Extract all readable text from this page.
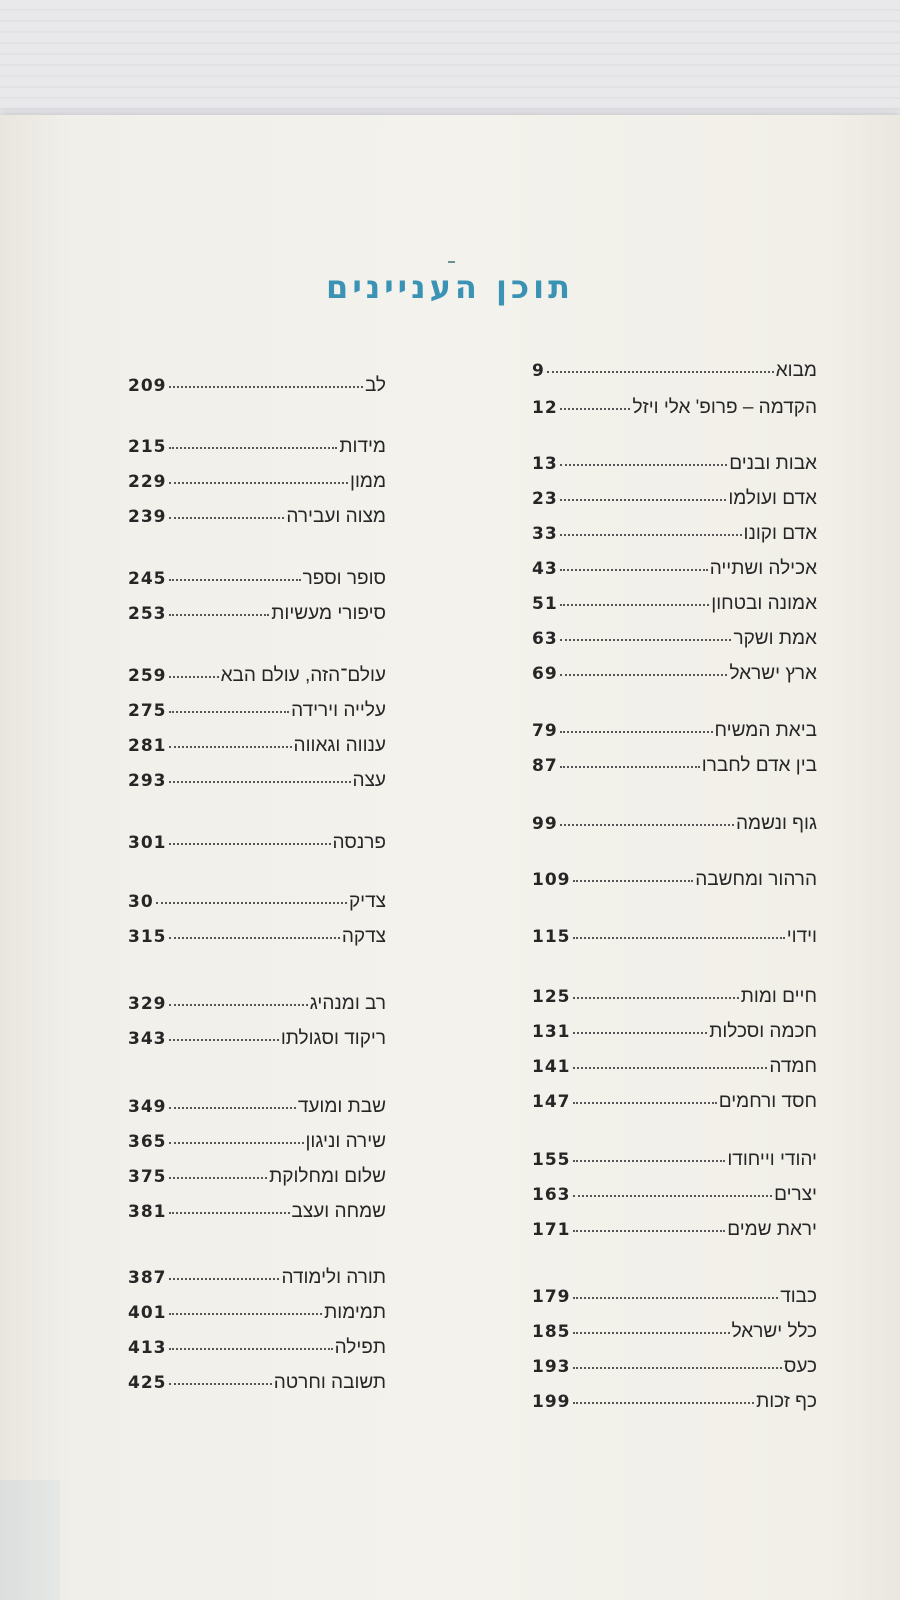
תוכן העניינים
מבוא
9
הקדמה – פרופ' אלי ויזל
12
אבות ובנים
13
אדם ועולמו
23
אדם וקונו
33
אכילה ושתייה
43
אמונה ובטחון
51
אמת ושקר
63
ארץ ישראל
69
ביאת המשיח
79
בין אדם לחברו
87
גוף ונשמה
99
הרהור ומחשבה
109
וידוי
115
חיים ומות
125
חכמה וסכלות
131
חמדה
141
חסד ורחמים
147
יהודי וייחודו
155
יצרים
163
יראת שמים
171
כבוד
179
כלל ישראל
185
כעס
193
כף זכות
199
לב
209
מידות
215
ממון
229
מצוה ועבירה
239
סופר וספר
245
סיפורי מעשיות
253
עולם־הזה, עולם הבא
259
עלייה וירידה
275
ענווה וגאווה
281
עצה
293
פרנסה
301
צדיק
30
צדקה
315
רב ומנהיג
329
ריקוד וסגולתו
343
שבת ומועד
349
שירה וניגון
365
שלום ומחלוקת
375
שמחה ועצב
381
תורה ולימודה
387
תמימות
401
תפילה
413
תשובה וחרטה
425
